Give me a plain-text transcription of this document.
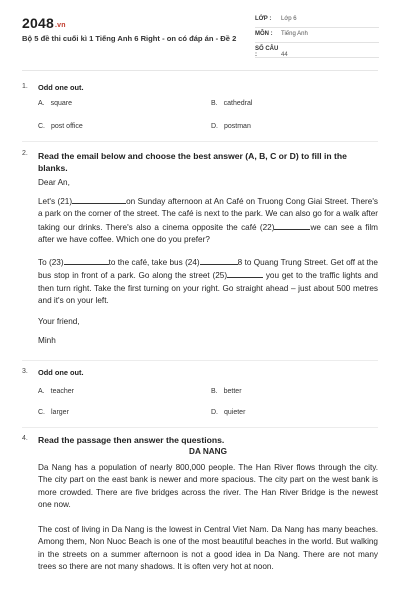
2048.vn
Bộ 5 đề thi cuối kì 1 Tiếng Anh 6 Right - on có đáp án - Đề 2
LỚP : Lớp 6
MÔN : Tiếng Anh
SỐ CÂU :	44
1. Odd one out.
A. square	B. cathedral
C. post office	D. postman
2. Read the email below and choose the best answer (A, B, C or D) to fill in the blanks.
Dear An,
Let's (21)	on Sunday afternoon at An Café on Truong Cong Giai Street. There's a park on the corner of the street. The café is next to the park. We can also go for a walk after taking our drinks. There's also a cinema opposite the café (22)	we can see a film after we have coffee. Which one do you prefer?
To (23)	to the café, take bus (24)	8 to Quang Trung Street. Get off at the bus stop in front of a park. Go along the street (25)	you get to the traffic lights and then turn right. Take the first turning on your right. Go straight ahead – just about 500 metres and it's on your left.
Your friend,
Minh
3. Odd one out.
A. teacher	B. better
C. larger	D. quieter
4. Read the passage then answer the questions.
DA NANG
Da Nang has a population of nearly 800,000 people. The Han River flows through the city. The city part on the east bank is newer and more spacious. The city part on the west bank is more crowded. There are five bridges across the river. The Han River Bridge is the newest one now.
The cost of living in Da Nang is the lowest in Central Viet Nam. Da Nang has many beaches. Among them, Non Nuoc Beach is one of the most beautiful beaches in the world. But walking in the streets on a summer afternoon is not a good idea in Da Nang. There are not many trees so there are not many shadows. It is often very hot at noon.
